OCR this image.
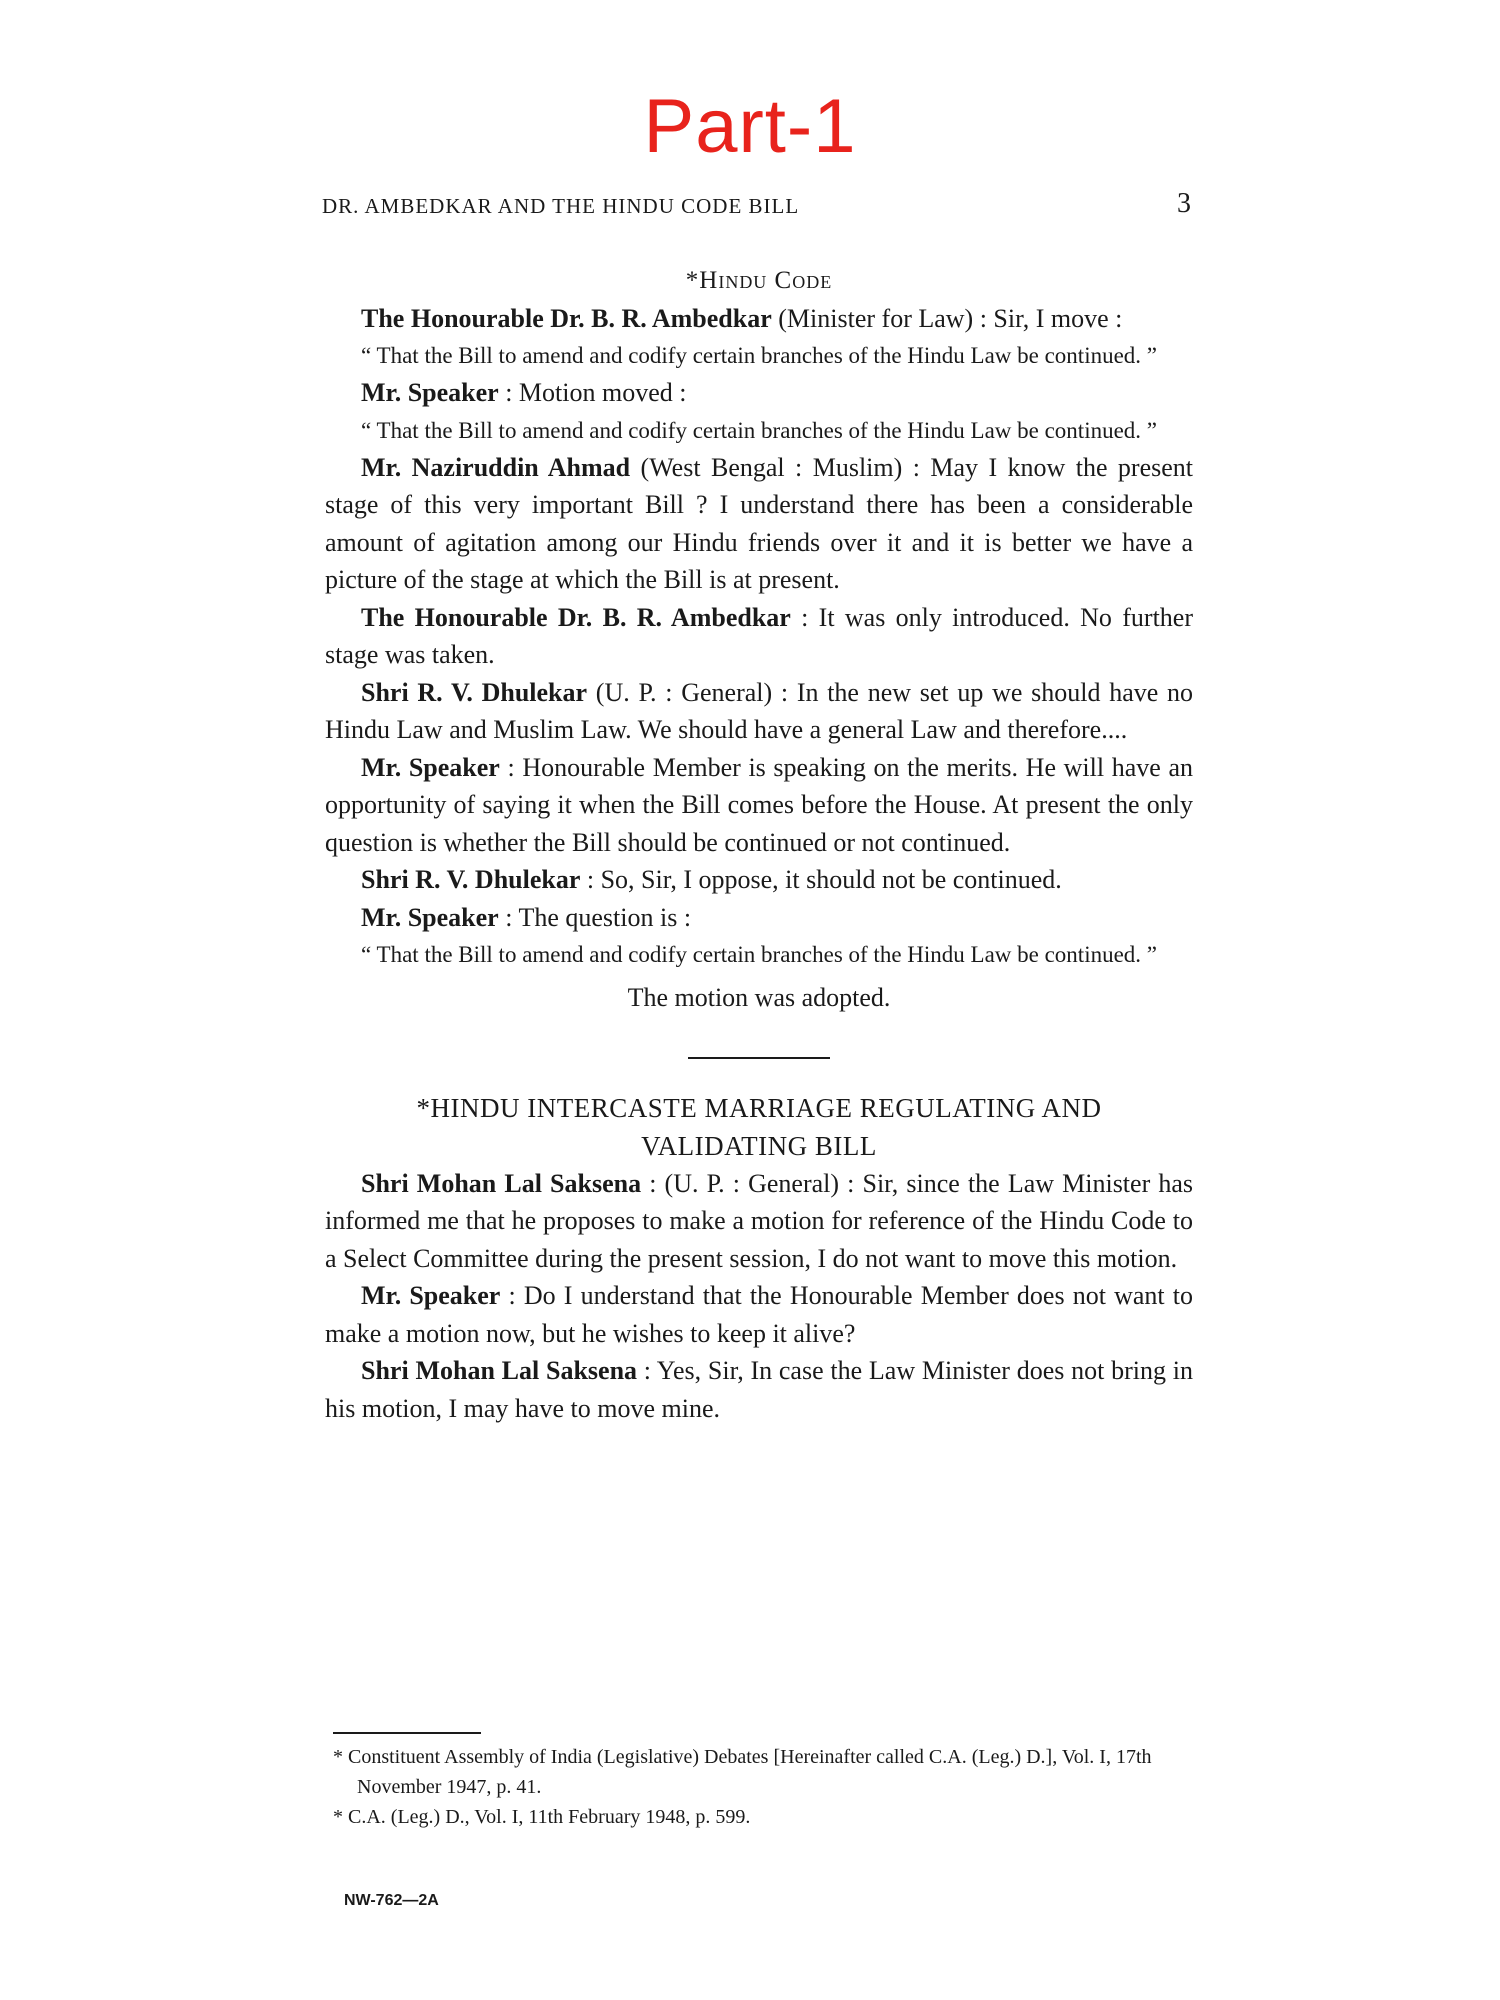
Part-1
DR. AMBEDKAR AND THE HINDU CODE BILL	3

*Hindu Code

The Honourable Dr. B. R. Ambedkar (Minister for Law) : Sir, I move :

“ That the Bill to amend and codify certain branches of the Hindu Law be continued. ”

Mr. Speaker : Motion moved :

“ That the Bill to amend and codify certain branches of the Hindu Law be continued. ”

Mr. Naziruddin Ahmad (West Bengal : Muslim) : May I know the present stage of this very important Bill ? I understand there has been a considerable amount of agitation among our Hindu friends over it and it is better we have a picture of the stage at which the Bill is at present.

The Honourable Dr. B. R. Ambedkar : It was only introduced. No further stage was taken.

Shri R. V. Dhulekar (U. P. : General) : In the new set up we should have no Hindu Law and Muslim Law. We should have a general Law and therefore....

Mr. Speaker : Honourable Member is speaking on the merits. He will have an opportunity of saying it when the Bill comes before the House. At present the only question is whether the Bill should be continued or not continued.

Shri R. V. Dhulekar : So, Sir, I oppose, it should not be continued.

Mr. Speaker : The question is :

“ That the Bill to amend and codify certain branches of the Hindu Law be continued. ”

The motion was adopted.

*HINDU INTERCASTE MARRIAGE REGULATING AND
VALIDATING BILL

Shri Mohan Lal Saksena : (U. P. : General) : Sir, since the Law Minister has informed me that he proposes to make a motion for reference of the Hindu Code to a Select Committee during the present session, I do not want to move this motion.

Mr. Speaker : Do I understand that the Honourable Member does not want to make a motion now, but he wishes to keep it alive?

Shri Mohan Lal Saksena : Yes, Sir, In case the Law Minister does not bring in his motion, I may have to move mine.

* Constituent Assembly of India (Legislative) Debates [Hereinafter called C.A. (Leg.) D.], Vol. I, 17th November 1947, p. 41.

* C.A. (Leg.) D., Vol. I, 11th February 1948, p. 599.

NW-762—2A
